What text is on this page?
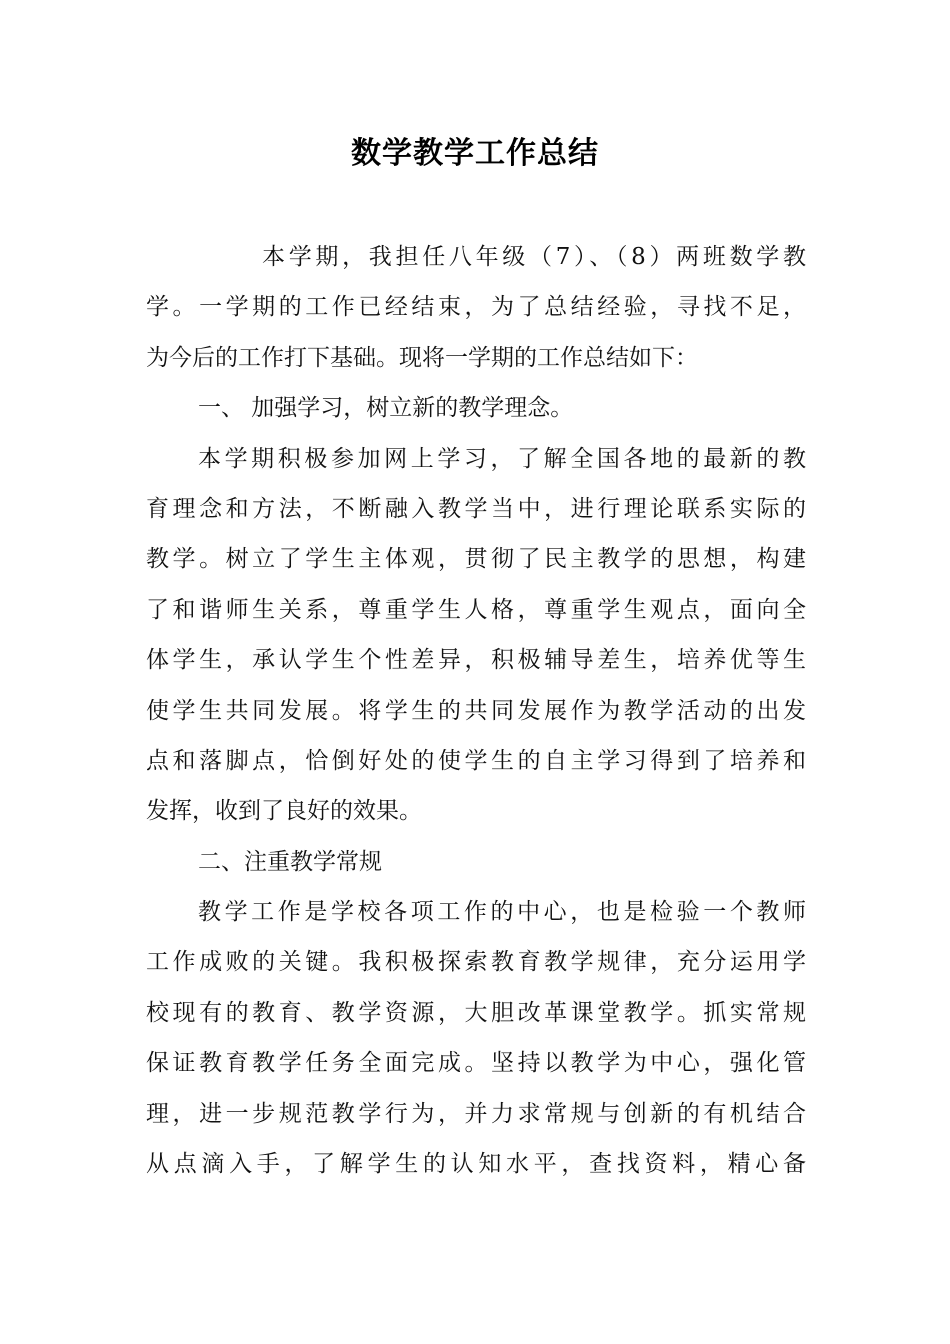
数学教学工作总结
本学期，我担任八年级（7）、（8）两班数学教
学。一学期的工作已经结束，为了总结经验，寻找不足，
为今后的工作打下基础。现将一学期的工作总结如下：
一、 加强学习，树立新的教学理念。
本学期积极参加网上学习，了解全国各地的最新的教
育理念和方法，不断融入教学当中，进行理论联系实际的
教学。树立了学生主体观，贯彻了民主教学的思想，构建
了和谐师生关系，尊重学生人格，尊重学生观点，面向全
体学生，承认学生个性差异，积极辅导差生，培养优等生
使学生共同发展。将学生的共同发展作为教学活动的出发
点和落脚点，恰倒好处的使学生的自主学习得到了培养和
发挥，收到了良好的效果。
二、注重教学常规
教学工作是学校各项工作的中心，也是检验一个教师
工作成败的关键。我积极探索教育教学规律，充分运用学
校现有的教育、教学资源，大胆改革课堂教学。抓实常规
保证教育教学任务全面完成。坚持以教学为中心，强化管
理，进一步规范教学行为，并力求常规与创新的有机结合
从点滴入手，了解学生的认知水平，查找资料，精心备
